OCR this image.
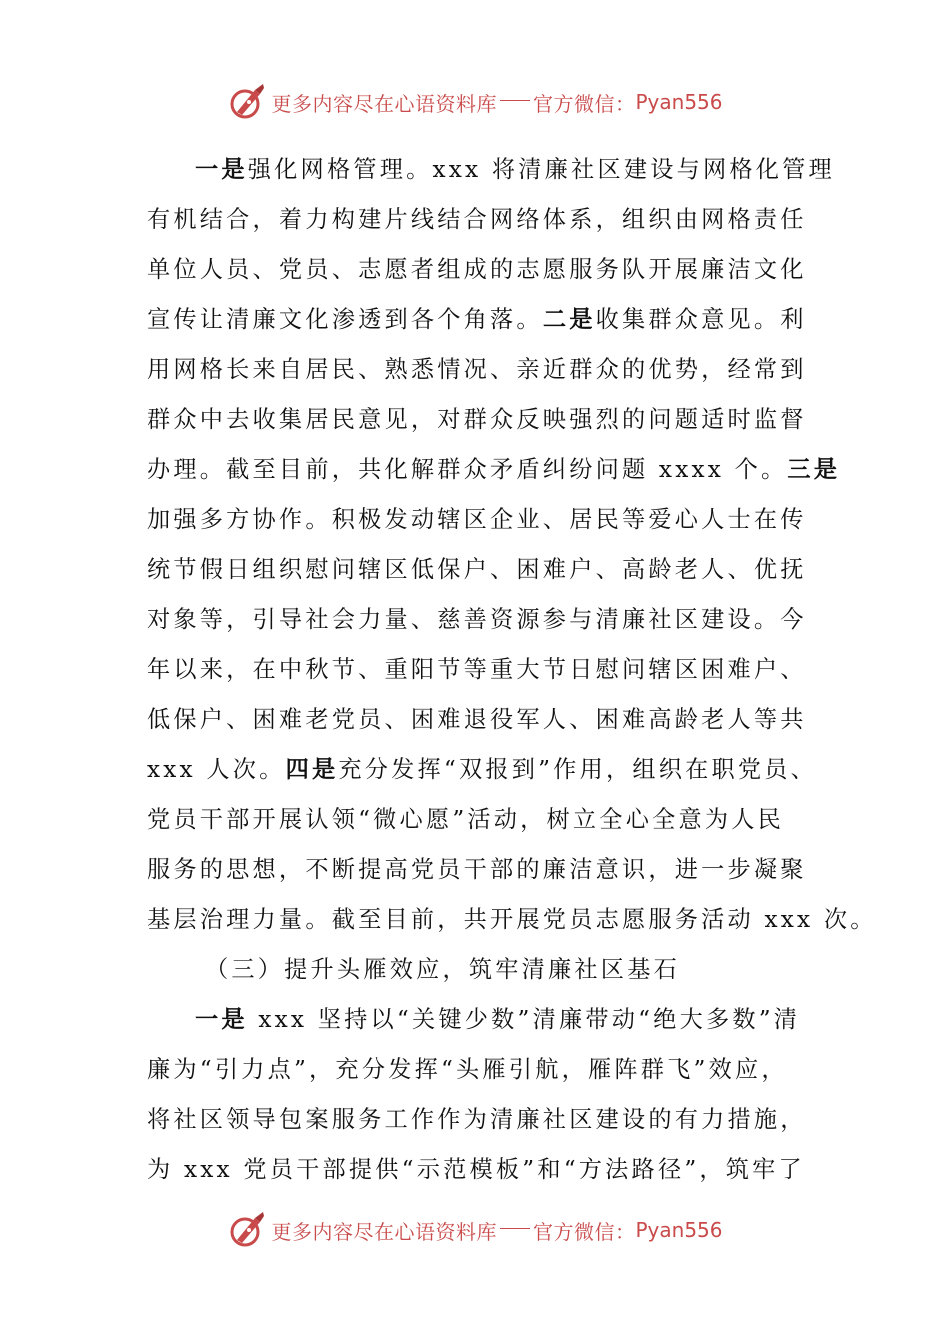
更多内容尽在心语资料库 官方微信： Pyan556
一是强化网格管理。xxx 将清廉社区建设与网格化管理
有机结合，着力构建片线结合网络体系，组织由网格责任
单位人员、党员、志愿者组成的志愿服务队开展廉洁文化
宣传让清廉文化渗透到各个角落。二是收集群众意见。利
用网格长来自居民、熟悉情况、亲近群众的优势，经常到
群众中去收集居民意见，对群众反映强烈的问题适时监督
办理。截至目前，共化解群众矛盾纠纷问题 xxxx 个。三是
加强多方协作。积极发动辖区企业、居民等爱心人士在传
统节假日组织慰问辖区低保户、困难户、高龄老人、优抚
对象等，引导社会力量、慈善资源参与清廉社区建设。今
年以来，在中秋节、重阳节等重大节日慰问辖区困难户、
低保户、困难老党员、困难退役军人、困难高龄老人等共
xxx 人次。四是充分发挥“双报到”作用，组织在职党员、
党员干部开展认领“微心愿”活动，树立全心全意为人民
服务的思想，不断提高党员干部的廉洁意识，进一步凝聚
基层治理力量。截至目前，共开展党员志愿服务活动 xxx 次。
（三）提升头雁效应，筑牢清廉社区基石
一是 xxx 坚持以“关键少数”清廉带动“绝大多数”清
廉为“引力点”，充分发挥“头雁引航，雁阵群飞”效应，
将社区领导包案服务工作作为清廉社区建设的有力措施，
为 xxx 党员干部提供“示范模板”和“方法路径”，筑牢了
更多内容尽在心语资料库 官方微信： Pyan556
